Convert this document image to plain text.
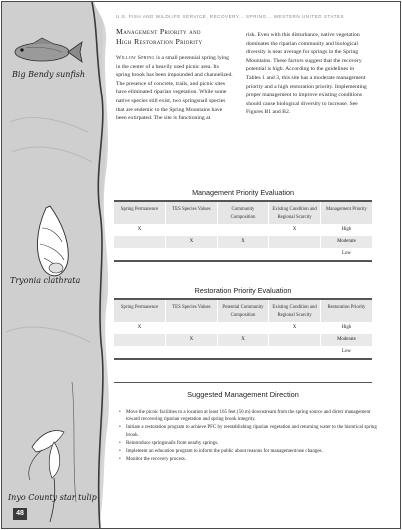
Big Bendy sunfish
Tryonia clathrata
Inyo County star tulip
48
U.S. FISH AND WILDLIFE SERVICE, RECOVERY... SPRING... WESTERN UNITED STATES
Management Priority and
High Restoration Priority
Willow Spring is a small perennial spring lying in the center of a heavily used picnic area. Its spring brook has been impounded and channelized. The presence of concrete, trails, and picnic sites have eliminated riparian vegetation. While some native species still exist, two springsnail species that are endemic to the Spring Mountains have been extirpated. The site is functioning at
risk. Even with this disturbance, native vegetation dominates the riparian community and biological diversity is near average for springs in the Spring Mountains. These factors suggest that the recovery potential is high. According to the guidelines in Tables 1 and 3, this site has a moderate management priority and a high restoration priority. Implementing proper management to improve existing conditions should cause biological diversity to increase. See Figures B1 and B2.
Management Priority Evaluation
Spring Permanence	TES Species Values	Community Composition	Existing Condition and Regional Scarcity	Management Priority
X			X	High
	X	X		Moderate
				Low
Restoration Priority Evaluation
Spring Permanence	TES Species Values	Potential Community Composition	Existing Condition and Regional Scarcity	Restoration Priority
X			X	High
	X	X		Moderate
				Low
Suggested Management Direction
• Move the picnic facilities to a location at least 165 feet (50 m) downstream from the spring source and direct management toward recovering riparian vegetation and spring brook integrity.
• Initiate a restoration program to achieve PFC by reestablishing riparian vegetation and returning water to the historical spring brook.
• Reintroduce springsnails from nearby springs.
• Implement an education program to inform the public about reasons for management/use changes.
• Monitor the recovery process.
